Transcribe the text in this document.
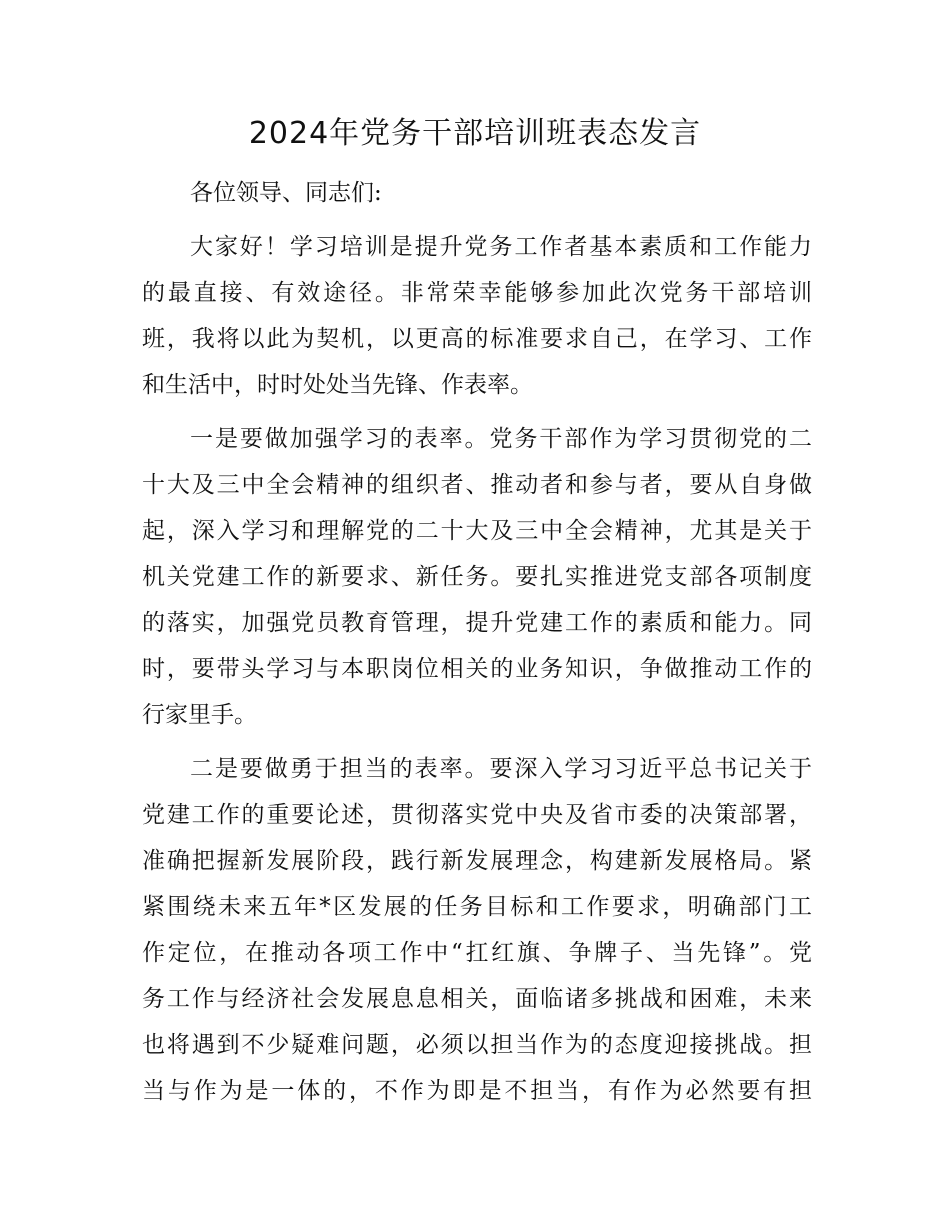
2024年党务干部培训班表态发言
各位领导、同志们:
大家好！学习培训是提升党务工作者基本素质和工作能力
的最直接、有效途径。非常荣幸能够参加此次党务干部培训
班，我将以此为契机，以更高的标准要求自己，在学习、工作
和生活中，时时处处当先锋、作表率。
一是要做加强学习的表率。党务干部作为学习贯彻党的二
十大及三中全会精神的组织者、推动者和参与者，要从自身做
起，深入学习和理解党的二十大及三中全会精神，尤其是关于
机关党建工作的新要求、新任务。要扎实推进党支部各项制度
的落实，加强党员教育管理，提升党建工作的素质和能力。同
时，要带头学习与本职岗位相关的业务知识，争做推动工作的
行家里手。
二是要做勇于担当的表率。要深入学习习近平总书记关于
党建工作的重要论述，贯彻落实党中央及省市委的决策部署，
准确把握新发展阶段，践行新发展理念，构建新发展格局。紧
紧围绕未来五年*区发展的任务目标和工作要求，明确部门工
作定位，在推动各项工作中“扛红旗、争牌子、当先锋”。党
务工作与经济社会发展息息相关，面临诸多挑战和困难，未来
也将遇到不少疑难问题，必须以担当作为的态度迎接挑战。担
当与作为是一体的，不作为即是不担当，有作为必然要有担
